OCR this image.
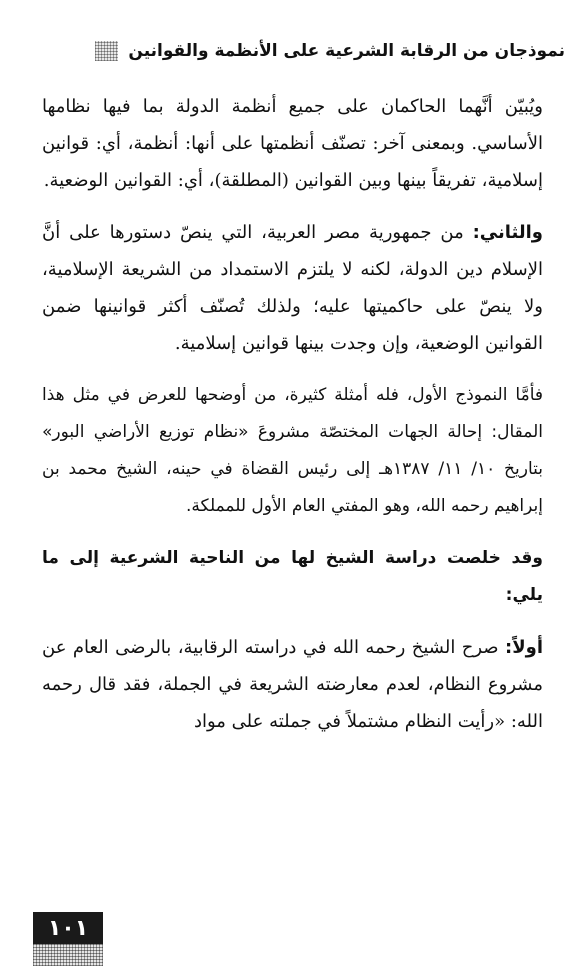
نموذجان من الرقابة الشرعية على الأنظمة والقوانين

ويُبيّن أنَّهما الحاكمان على جميع أنظمة الدولة بما فيها نظامها الأساسي. وبمعنى آخر: تصنّف أنظمتها على أنها: أنظمة، أي: قوانين إسلامية، تفريقاً بينها وبين القوانين (المطلقة)، أي: القوانين الوضعية.

والثاني: من جمهورية مصر العربية، التي ينصّ دستورها على أنَّ الإسلام دين الدولة، لكنه لا يلتزم الاستمداد من الشريعة الإسلامية، ولا ينصّ على حاكميتها عليه؛ ولذلك تُصنّف أكثر قوانينها ضمن القوانين الوضعية، وإن وجدت بينها قوانين إسلامية.

فأمَّا النموذج الأول، فله أمثلة كثيرة، من أوضحها للعرض في مثل هذا المقال: إحالة الجهات المختصّة مشروعَ «نظام توزيع الأراضي البور» بتاريخ ١٠/ ١١/ ١٣٨٧هـ إلى رئيس القضاة في حينه، الشيخ محمد بن إبراهيم رحمه الله، وهو المفتي العام الأول للمملكة.

وقد خلصت دراسة الشيخ لها من الناحية الشرعية إلى ما يلي:

أولاً: صرح الشيخ رحمه الله في دراسته الرقابية، بالرضى العام عن مشروع النظام، لعدم معارضته الشريعة في الجملة، فقد قال رحمه الله: «رأيت النظام مشتملاً في جملته على مواد

١٠١
